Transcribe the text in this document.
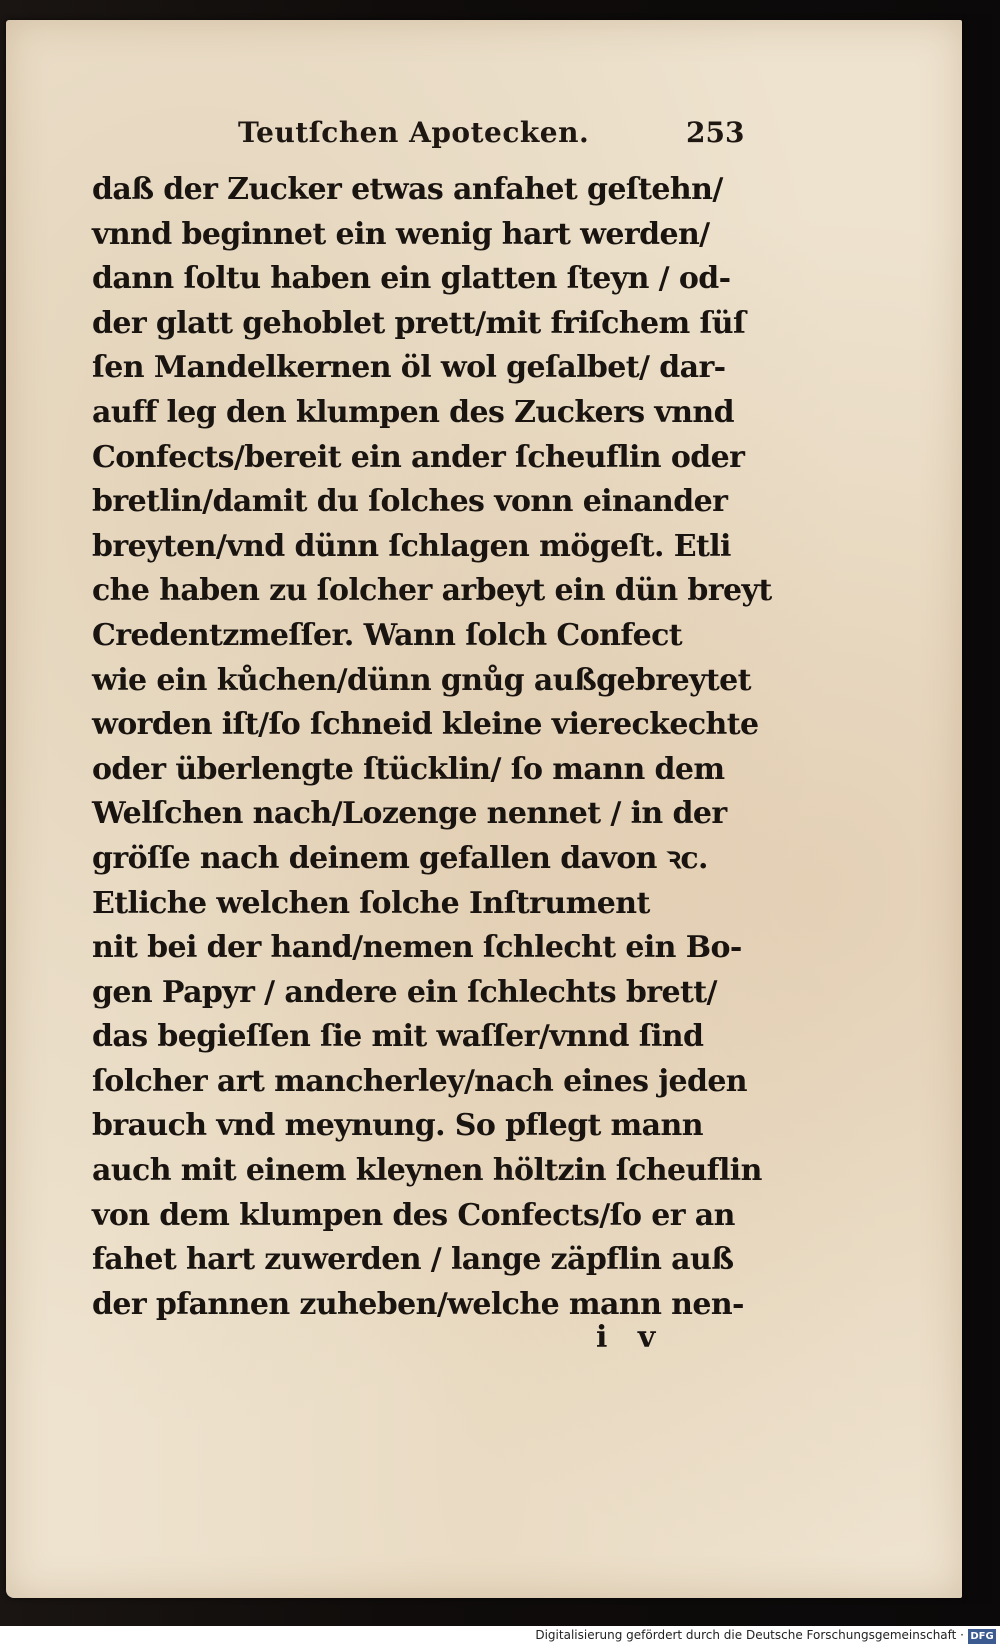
Teutſchen Apotecken.	253
daß der Zucker etwas anfahet geſtehn/
vnnd beginnet ein wenig hart werden/
dann ſoltu haben ein glatten ſteyn / od-
der glatt gehoblet prett/mit friſchem ſüſ
ſen Mandelkernen öl wol geſalbet/ dar-
auff leg den klumpen des Zuckers vnnd
Confects/bereit ein ander ſcheuflin oder
bretlin/damit du ſolches vonn einander
breyten/vnd dünn ſchlagen mögeſt. Etli
che haben zu ſolcher arbeyt ein dün breyt
Credentzmeſſer. Wann ſolch Confect
wie ein kůchen/dünn gnůg außgebreytet
worden iſt/ſo ſchneid kleine viereckechte
oder überlengte ſtücklin/ ſo mann dem
Welſchen nach/Lozenge nennet / in der
gröſſe nach deinem gefallen davon ꝛc.
Etliche welchen ſolche Inſtrument
nit bei der hand/nemen ſchlecht ein Bo-
gen Papyr / andere ein ſchlechts brett/
das begieſſen ſie mit waſſer/vnnd ſind
ſolcher art mancherley/nach eines jeden
brauch vnd meynung. So pflegt mann
auch mit einem kleynen höltzin ſcheuflin
von dem klumpen des Confects/ſo er an
fahet hart zuwerden / lange zäpflin auß
der pfannen zuheben/welche mann nen-
i v
Digitalisierung gefördert durch die Deutsche Forschungsgemeinschaft · DFG
